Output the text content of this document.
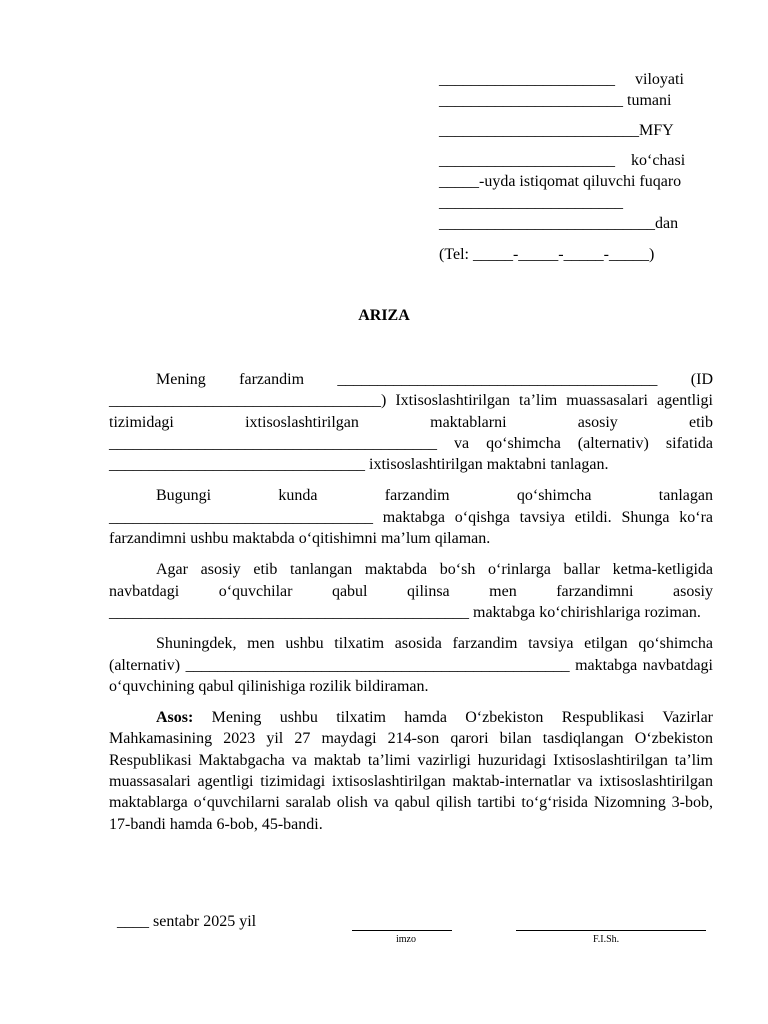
______________________     viloyati
_______________________ tumani
_________________________MFY
______________________    ko‘chasi
_____-uyda istiqomat qiluvchi fuqaro
_______________________
___________________________dan
(Tel: _____-_____-_____-_____)
ARIZA

Mening farzandim ________________________________________ (ID __________________________________) Ixtisoslashtirilgan ta’lim muassasalari agentligi tizimidagi ixtisoslashtirilgan maktablarni asosiy etib _________________________________________ va qo‘shimcha (alternativ) sifatida ________________________________ ixtisoslashtirilgan maktabni tanlagan.

Bugungi kunda farzandim qo‘shimcha tanlagan _________________________________ maktabga o‘qishga tavsiya etildi. Shunga ko‘ra farzandimni ushbu maktabda o‘qitishimni ma’lum qilaman.

Agar asosiy etib tanlangan maktabda bo‘sh o‘rinlarga ballar ketma-ketligida navbatdagi o‘quvchilar qabul qilinsa men farzandimni asosiy _____________________________________________ maktabga ko‘chirishlariga roziman.

Shuningdek, men ushbu tilxatim asosida farzandim tavsiya etilgan qo‘shimcha (alternativ) ________________________________________________ maktabga navbatdagi o‘quvchining qabul qilinishiga rozilik bildiraman.

Asos: Mening ushbu tilxatim hamda O‘zbekiston Respublikasi Vazirlar Mahkamasining 2023 yil 27 maydagi 214-son qarori bilan tasdiqlangan O‘zbekiston Respublikasi Maktabgacha va maktab ta’limi vazirligi huzuridagi Ixtisoslashtirilgan ta’lim muassasalari agentligi tizimidagi ixtisoslashtirilgan maktab-internatlar va ixtisoslashtirilgan maktablarga o‘quvchilarni saralab olish va qabul qilish tartibi to‘g‘risida Nizomning 3-bob, 17-bandi hamda 6-bob, 45-bandi.

____ sentabr 2025 yil
imzo	F.I.Sh.
